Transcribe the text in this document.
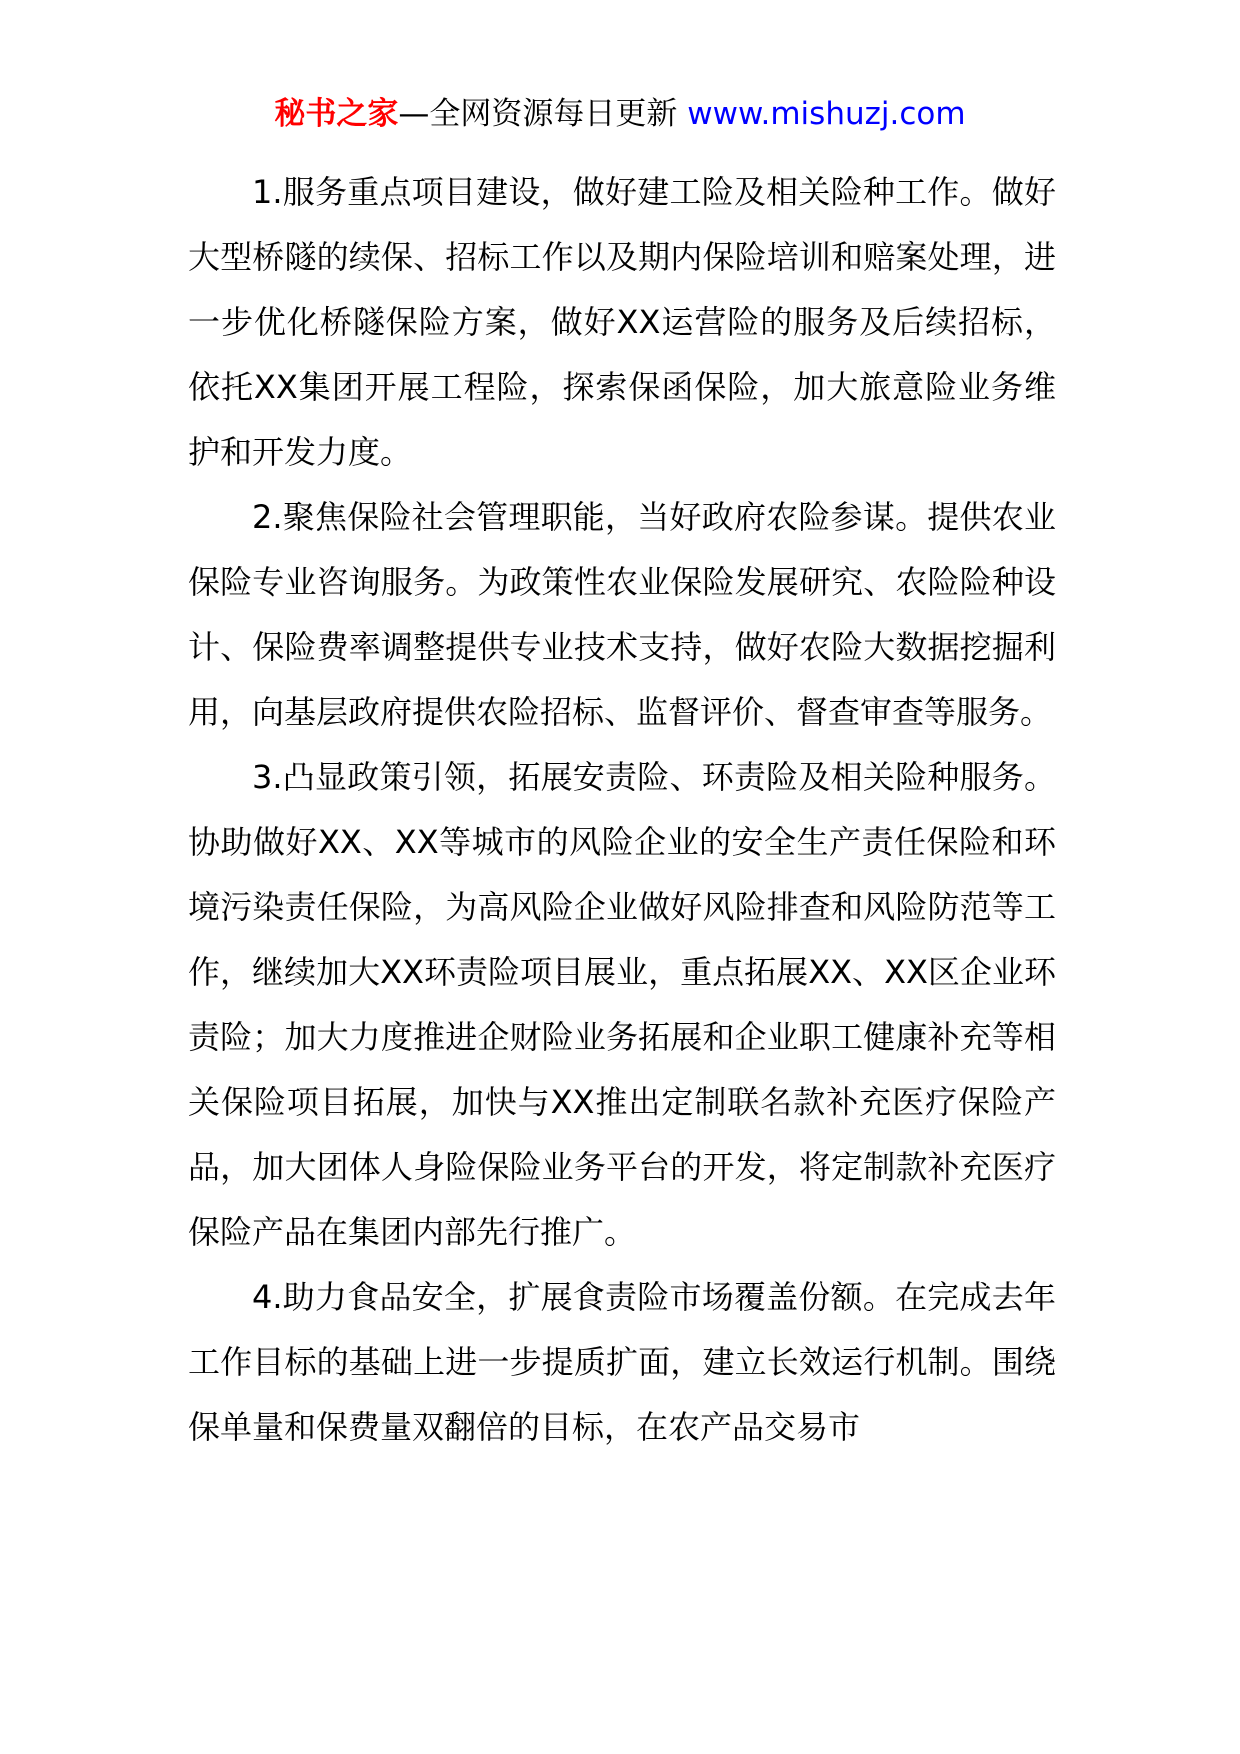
秘书之家—全网资源每日更新 www.mishuzj.com

1.服务重点项目建设，做好建工险及相关险种工作。做好大型桥隧的续保、招标工作以及期内保险培训和赔案处理，进一步优化桥隧保险方案，做好XX运营险的服务及后续招标，依托XX集团开展工程险，探索保函保险，加大旅意险业务维护和开发力度。

2.聚焦保险社会管理职能，当好政府农险参谋。提供农业保险专业咨询服务。为政策性农业保险发展研究、农险险种设计、保险费率调整提供专业技术支持，做好农险大数据挖掘利用，向基层政府提供农险招标、监督评价、督查审查等服务。

3.凸显政策引领，拓展安责险、环责险及相关险种服务。协助做好XX、XX等城市的风险企业的安全生产责任保险和环境污染责任保险，为高风险企业做好风险排查和风险防范等工作，继续加大XX环责险项目展业，重点拓展XX、XX区企业环责险；加大力度推进企财险业务拓展和企业职工健康补充等相关保险项目拓展，加快与XX推出定制联名款补充医疗保险产品，加大团体人身险保险业务平台的开发，将定制款补充医疗保险产品在集团内部先行推广。

4.助力食品安全，扩展食责险市场覆盖份额。在完成去年工作目标的基础上进一步提质扩面，建立长效运行机制。围绕保单量和保费量双翻倍的目标，在农产品交易市
